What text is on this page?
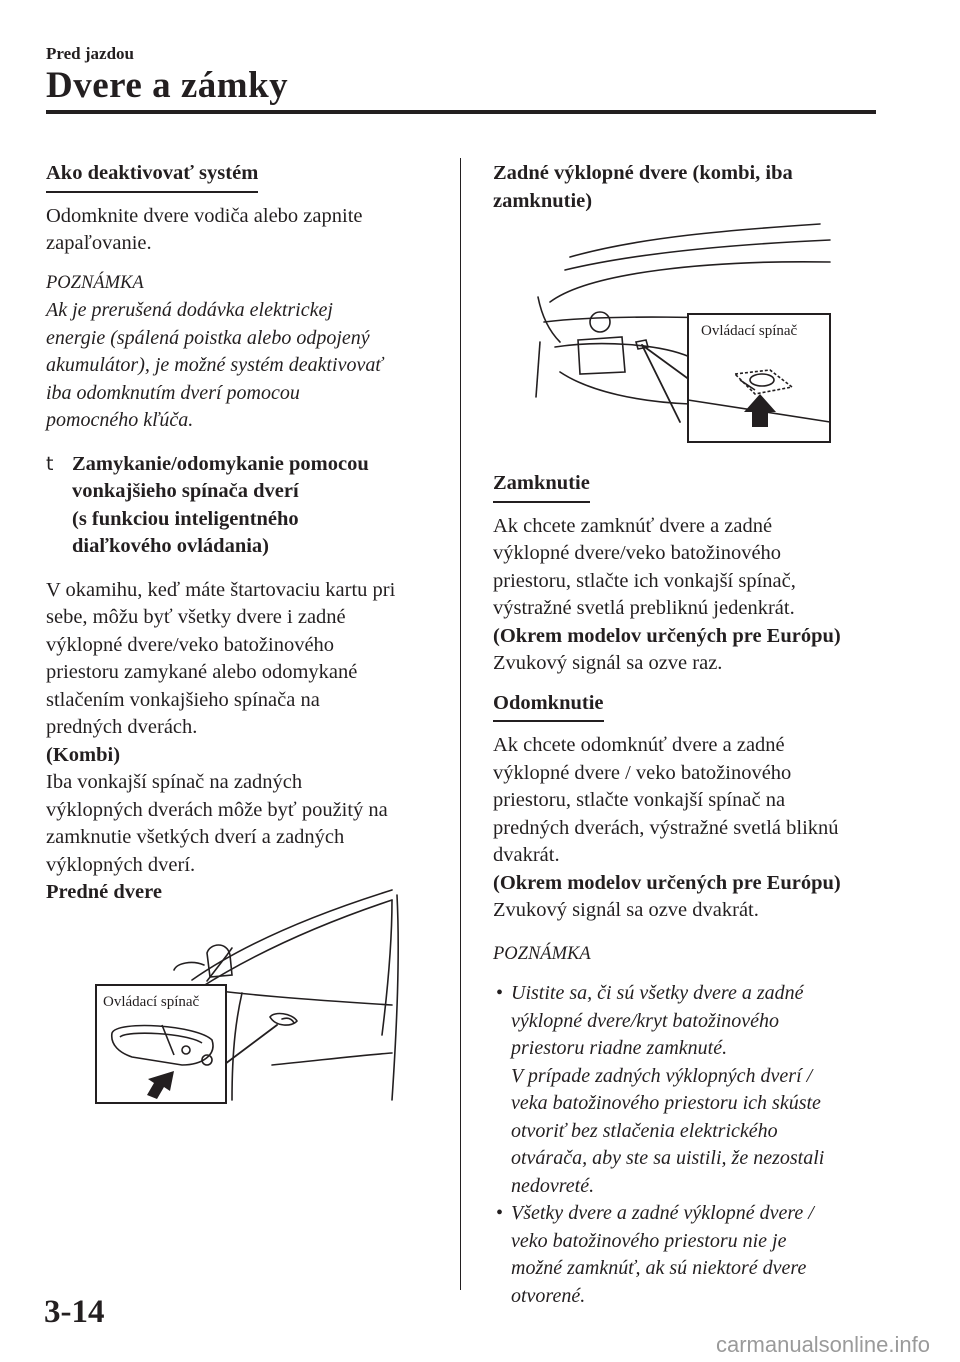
Pred jazdou
Dvere a zámky
Ako deaktivovať systém

Odomknite dvere vodiča alebo zapnite

zapaľovanie.

POZNÁMKA

Ak je prerušená dodávka elektrickej

energie (spálená poistka alebo odpojený

akumulátor), je možné systém deaktivovať

iba odomknutím dverí pomocou

pomocného kľúča.

t Zamykanie/odomykanie pomocou

vonkajšieho spínača dverí

(s funkciou inteligentného

diaľkového ovládania)

V okamihu, keď máte štartovaciu kartu pri

sebe, môžu byť všetky dvere i zadné

výklopné dvere/veko batožinového

priestoru zamykané alebo odomykané

stlačením vonkajšieho spínača na

predných dverách.

(Kombi)

Iba vonkajší spínač na zadných

výklopných dverách môže byť použitý na

zamknutie všetkých dverí a zadných

výklopných dverí.

Predné dvere

Ovládací spínač

Zadné výklopné dvere (kombi, iba

zamknutie)

Ovládací spínač
Zamknutie

Ak chcete zamknúť dvere a zadné

výklopné dvere/veko batožinového

priestoru, stlačte ich vonkajší spínač,

výstražné svetlá prebliknú jedenkrát.

(Okrem modelov určených pre Európu)

Zvukový signál sa ozve raz.

Odomknutie

Ak chcete odomknúť dvere a zadné

výklopné dvere / veko batožinového

priestoru, stlačte vonkajší spínač na

predných dverách, výstražné svetlá bliknú

dvakrát.

(Okrem modelov určených pre Európu)

Zvukový signál sa ozve dvakrát.

POZNÁMKA

• Uistite sa, či sú všetky dvere a zadné
výklopné dvere/kryt batožinového
priestoru riadne zamknuté.
V prípade zadných výklopných dverí /
veka batožinového priestoru ich skúste
otvoriť bez stlačenia elektrického
otvárača, aby ste sa uistili, že nezostali
nedovreté.
• Všetky dvere a zadné výklopné dvere /
veko batožinového priestoru nie je
možné zamknúť, ak sú niektoré dvere
otvorené.
3-14
carmanualsonline.info
